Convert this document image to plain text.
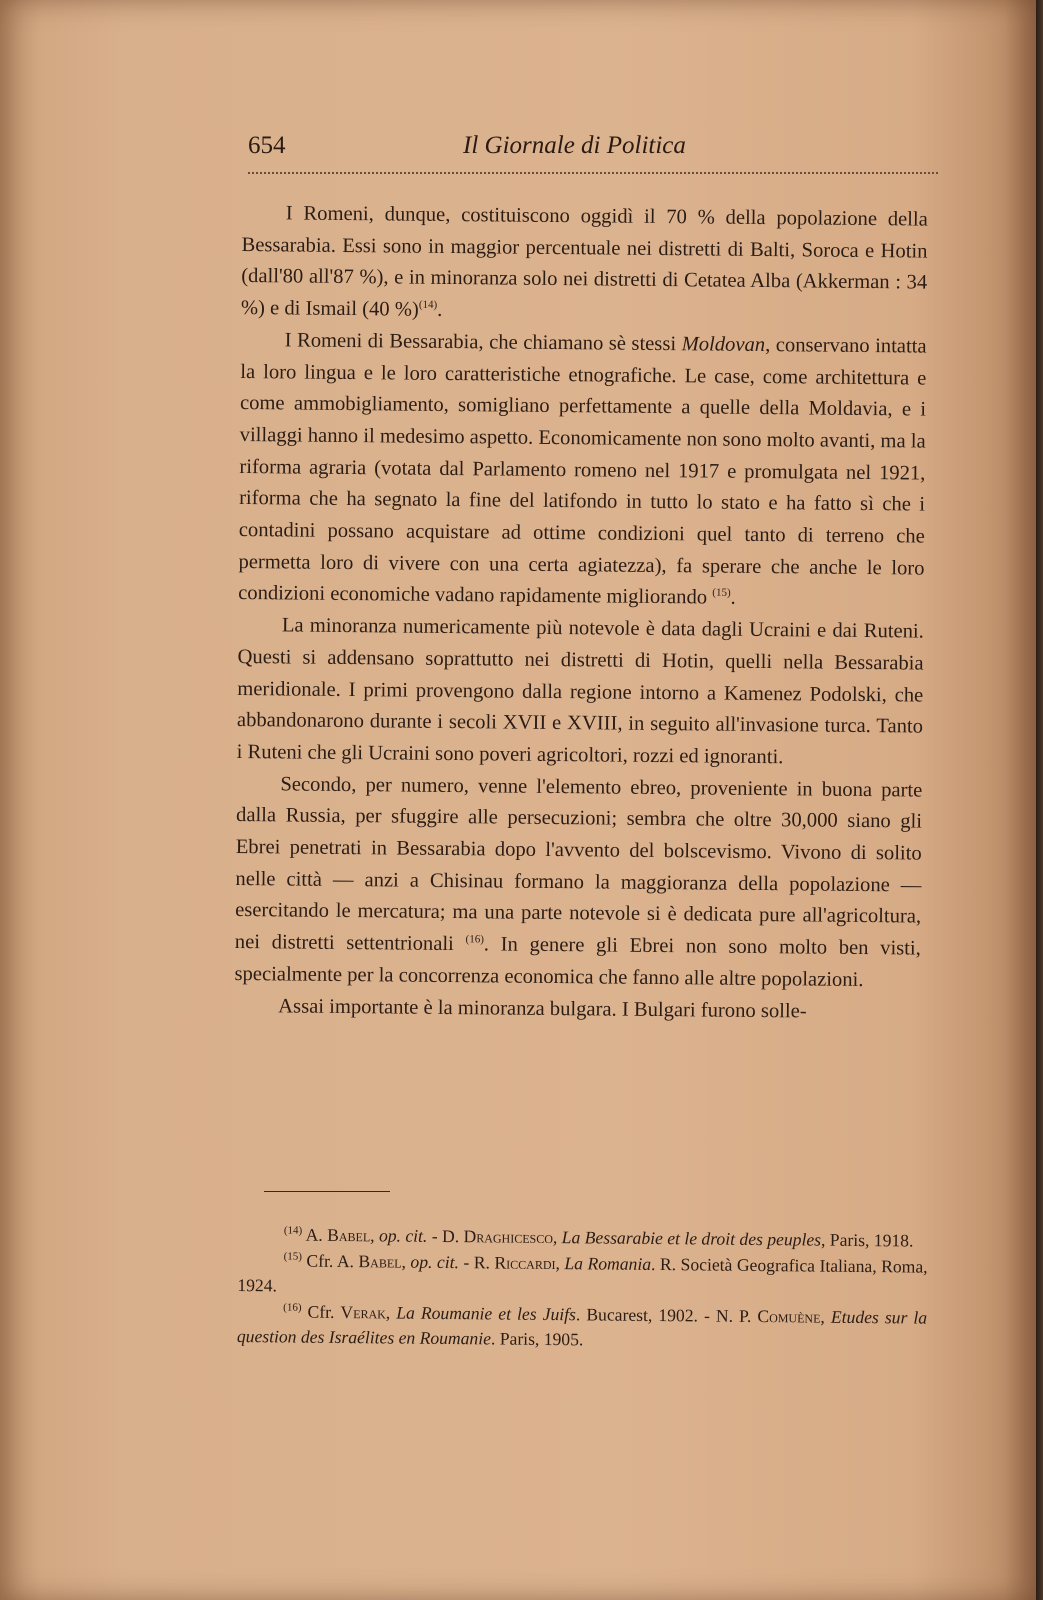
654	Il Giornale di Politica

I Romeni, dunque, costituiscono oggidì il 70 % della popolazione della Bessarabia. Essi sono in maggior percentuale nei distretti di Balti, Soroca e Hotin (dall'80 all'87 %), e in minoranza solo nei distretti di Cetatea Alba (Akkerman : 34 %) e di Ismail (40 %)$^{(14)}$.

I Romeni di Bessarabia, che chiamano sè stessi Moldovan, conservano intatta la loro lingua e le loro caratteristiche etnografiche. Le case, come architettura e come ammobigliamento, somigliano perfettamente a quelle della Moldavia, e i villaggi hanno il medesimo aspetto. Economicamente non sono molto avanti, ma la riforma agraria (votata dal Parlamento romeno nel 1917 e promulgata nel 1921, riforma che ha segnato la fine del latifondo in tutto lo stato e ha fatto sì che i contadini possano acquistare ad ottime condizioni quel tanto di terreno che permetta loro di vivere con una certa agiatezza), fa sperare che anche le loro condizioni economiche vadano rapidamente migliorando $^{(15)}$.

La minoranza numericamente più notevole è data dagli Ucraini e dai Ruteni. Questi si addensano soprattutto nei distretti di Hotin, quelli nella Bessarabia meridionale. I primi provengono dalla regione intorno a Kamenez Podolski, che abbandonarono durante i secoli XVII e XVIII, in seguito all'invasione turca. Tanto i Ruteni che gli Ucraini sono poveri agricoltori, rozzi ed ignoranti.

Secondo, per numero, venne l'elemento ebreo, proveniente in buona parte dalla Russia, per sfuggire alle persecuzioni; sembra che oltre 30,000 siano gli Ebrei penetrati in Bessarabia dopo l'avvento del bolscevismo. Vivono di solito nelle città — anzi a Chisinau formano la maggioranza della popolazione — esercitando le mercatura; ma una parte notevole si è dedicata pure all'agricoltura, nei distretti settentrionali $^{(16)}$. In genere gli Ebrei non sono molto ben visti, specialmente per la concorrenza economica che fanno alle altre popolazioni.

Assai importante è la minoranza bulgara. I Bulgari furono solle-

$^{(14)}$ A. Babel, op. cit. - D. Draghicesco, La Bessarabie et le droit des peuples, Paris, 1918.

$^{(15)}$ Cfr. A. Babel, op. cit. - R. Riccardi, La Romania. R. Società Geografica Italiana, Roma, 1924.

$^{(16)}$ Cfr. Verak, La Roumanie et les Juifs. Bucarest, 1902. - N. P. Comuène, Etudes sur la question des Israélites en Roumanie. Paris, 1905.
